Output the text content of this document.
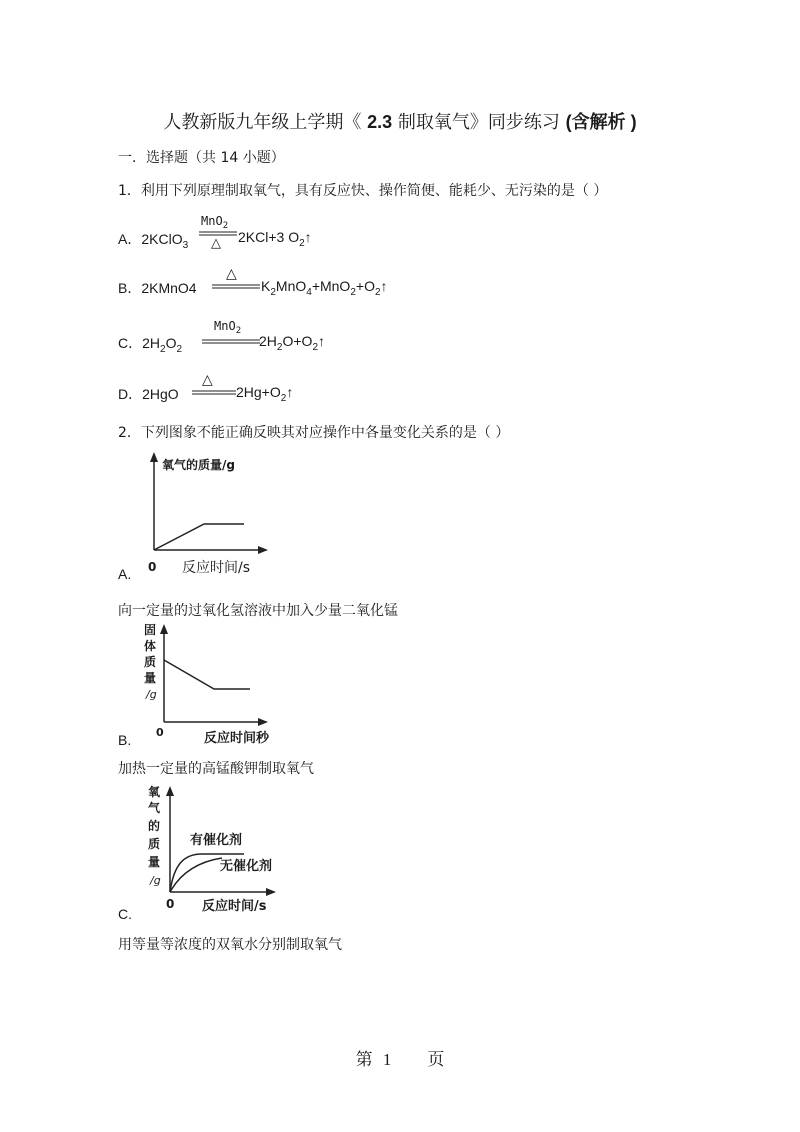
人教新版九年级上学期《 2.3 制取氧气》同步练习 (含解析 )
一．选择题（共 14 小题）
1．利用下列原理制取氧气，具有反应快、操作简便、能耗少、无污染的是（ ）
A．2KClO$_3$
MnO$_2$
△ 2KCl+3 $O_2↑$
B．2KMnO4
△
$K_2MnO_4+MnO_2+O_2↑$
C．$2H_2O_2$
MnO$_2$
$2H_2O+O_2↑$
D．2HgO
△
$2Hg+O_2↑$
2．下列图象不能正确反映其对应操作中各量变化关系的是（ ）
氧气的质量/g
0 反应时间/s
A.
向一定量的过氧化氢溶液中加入少量二氧化锰
固
体
质
量
/g
0	反应时间秒
B.
加热一定量的高锰酸钾制取氧气
氧
气
的
质
量
/g
有催化剂
无催化剂
0 反应时间/s
C.
用等量等浓度的双氧水分别制取氧气
第 1 页
